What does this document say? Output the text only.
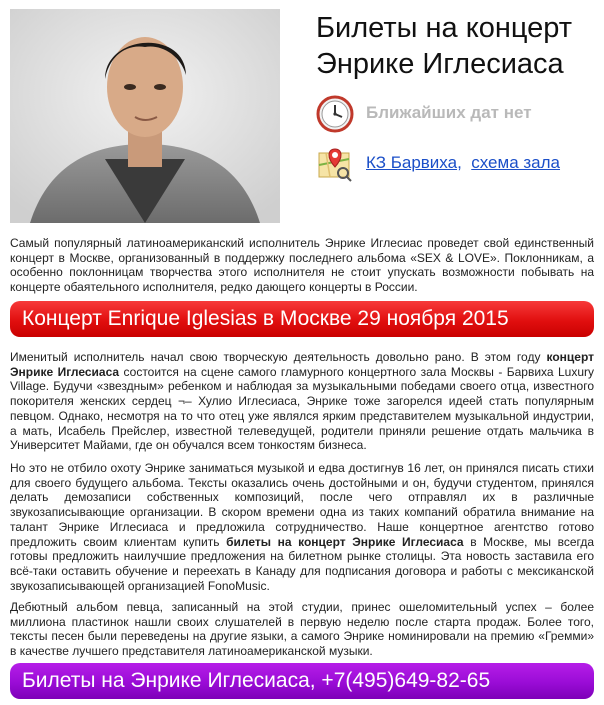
Билеты на концерт Энрике Иглесиаса
Ближайших дат нет
КЗ Барвиха, схема зала

Самый популярный латиноамериканский исполнитель Энрике Иглесиас проведет свой единственный концерт в Москве, организованный в поддержку последнего альбома «SEX & LOVE». Поклонникам, а особенно поклонницам творчества этого исполнителя не стоит упускать возможности побывать на концерте обаятельного исполнителя, редко дающего концерты в России.

Концерт Enrique Iglesias в Москве 29 ноября 2015

Именитый исполнитель начал свою творческую деятельность довольно рано. В этом году концерт Энрике Иглесиаса состоится на сцене самого гламурного концертного зала Москвы - Барвиха Luxury Village. Будучи «звездным» ребенком и наблюдая за музыкальными победами своего отца, известного покорителя женских сердец ¬– Хулио Иглесиаса, Энрике тоже загорелся идеей стать популярным певцом. Однако, несмотря на то что отец уже являлся ярким представителем музыкальной индустрии, а мать, Исабель Прейслер, известной телеведущей, родители приняли решение отдать мальчика в Университет Майами, где он обучался всем тонкостям бизнеса.

Но это не отбило охоту Энрике заниматься музыкой и едва достигнув 16 лет, он принялся писать стихи для своего будущего альбома. Тексты оказались очень достойными и он, будучи студентом, принялся делать демозаписи собственных композиций, после чего отправлял их в различные звукозаписывающие организации. В скором времени одна из таких компаний обратила внимание на талант Энрике Иглесиаса и предложила сотрудничество. Наше концертное агентство готово предложить своим клиентам купить билеты на концерт Энрике Иглесиаса в Москве, мы всегда готовы предложить наилучшие предложения на билетном рынке столицы. Эта новость заставила его всё-таки оставить обучение и переехать в Канаду для подписания договора и работы с мексиканской звукозаписывающей организацией FonoMusic.

Дебютный альбом певца, записанный на этой студии, принес ошеломительный успех – более миллиона пластинок нашли своих слушателей в первую неделю после старта продаж. Более того, тексты песен были переведены на другие языки, а самого Энрике номинировали на премию «Гремми» в качестве лучшего представителя латиноамериканской музыки.

Билеты на Энрике Иглесиаса, +7(495)649-82-65
